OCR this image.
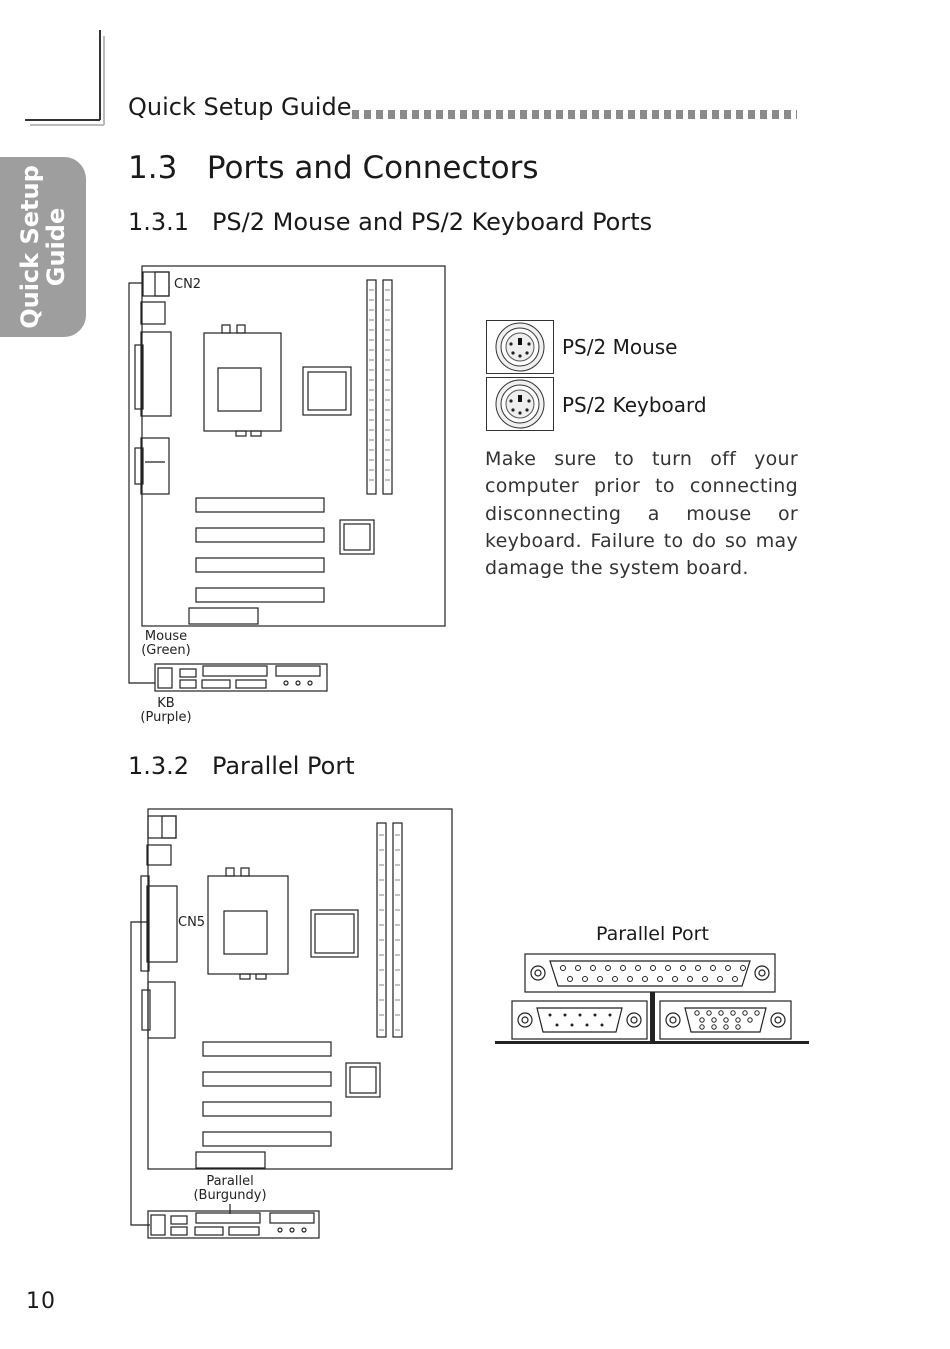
Quick Setup
Guide
Quick Setup Guide
1.3   Ports and Connectors
1.3.1   PS/2 Mouse and PS/2 Keyboard Ports
1.3.2   Parallel Port
CN2
Mouse
(Green)
KB
(Purple)
PS/2 Mouse
PS/2 Keyboard
Make sure to turn off your
computer prior to connecting
disconnecting a mouse or
keyboard. Failure to do so may
damage the system board.
CN5
Parallel
(Burgundy)
Parallel Port
10
